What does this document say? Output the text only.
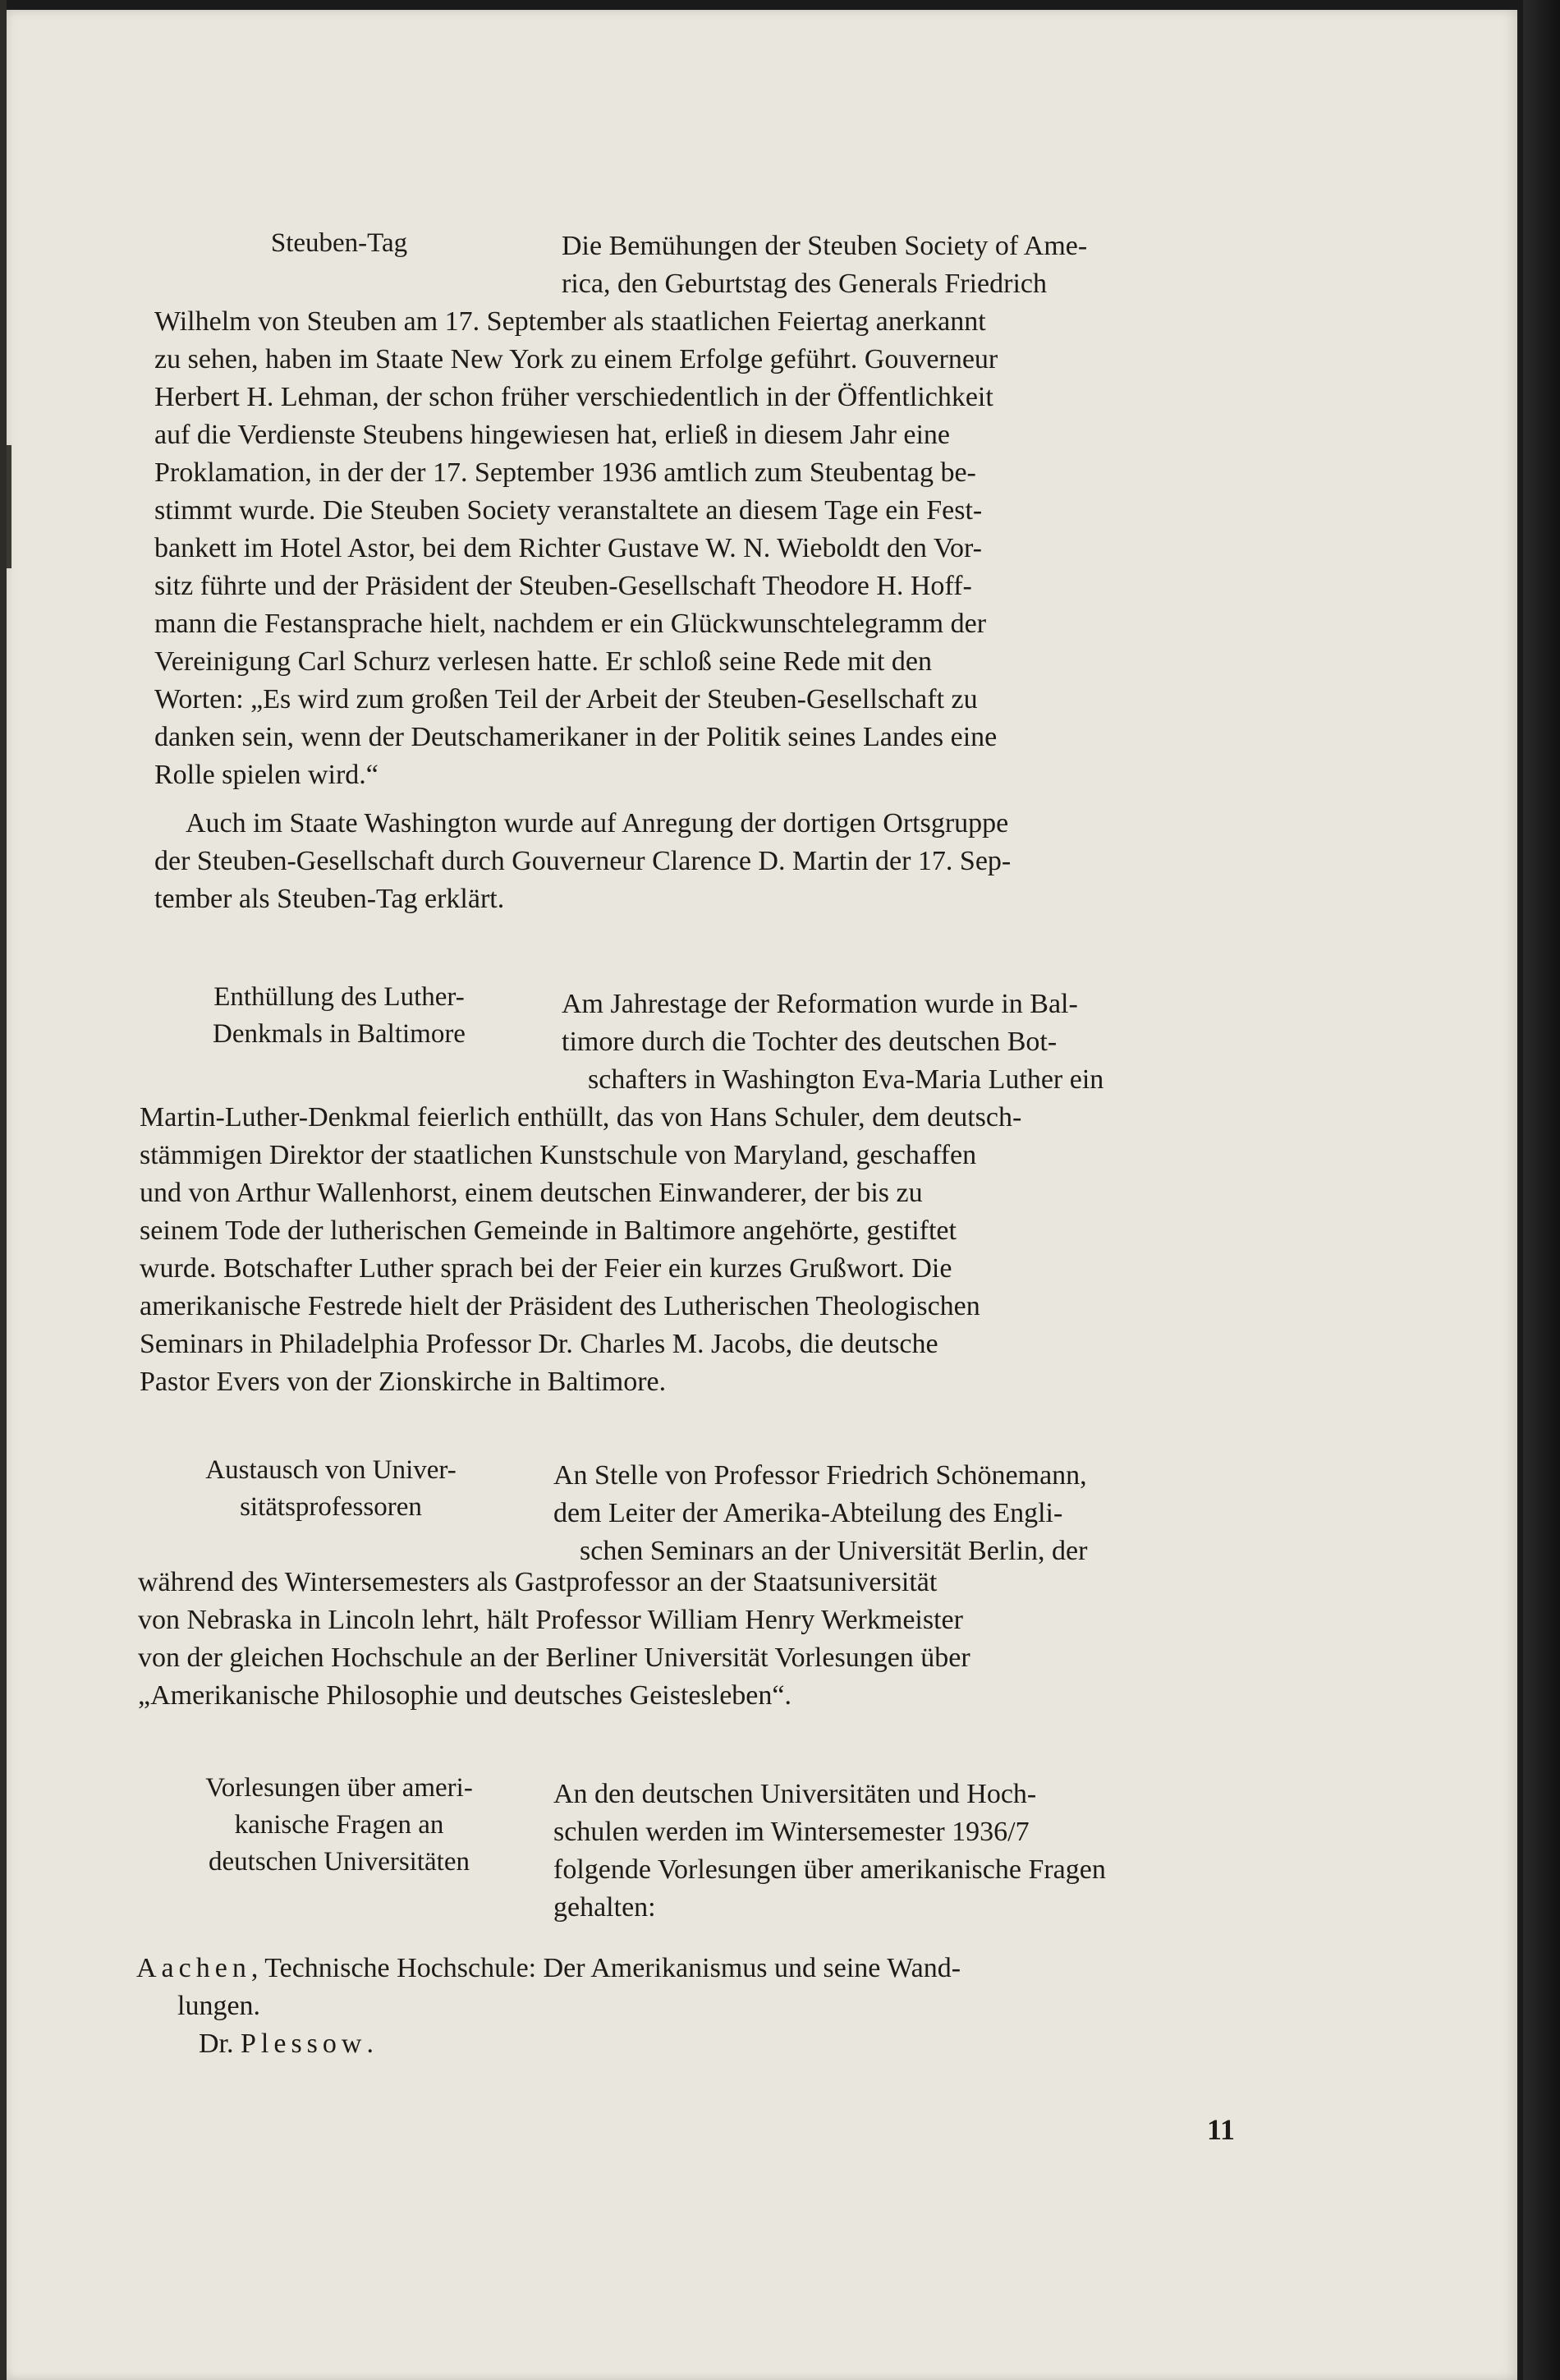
Steuben-Tag	Die Bemühungen der Steuben Society of Ame-
rica, den Geburtstag des Generals Friedrich
Wilhelm von Steuben am 17. September als staatlichen Feiertag anerkannt
zu sehen, haben im Staate New York zu einem Erfolge geführt. Gouverneur
Herbert H. Lehman, der schon früher verschiedentlich in der Öffentlichkeit
auf die Verdienste Steubens hingewiesen hat, erließ in diesem Jahr eine
Proklamation, in der der 17. September 1936 amtlich zum Steubentag be-
stimmt wurde. Die Steuben Society veranstaltete an diesem Tage ein Fest-
bankett im Hotel Astor, bei dem Richter Gustave W. N. Wieboldt den Vor-
sitz führte und der Präsident der Steuben-Gesellschaft Theodore H. Hoff-
mann die Festansprache hielt, nachdem er ein Glückwunschtelegramm der
Vereinigung Carl Schurz verlesen hatte. Er schloß seine Rede mit den
Worten: „Es wird zum großen Teil der Arbeit der Steuben-Gesellschaft zu
danken sein, wenn der Deutschamerikaner in der Politik seines Landes eine
Rolle spielen wird.“
Auch im Staate Washington wurde auf Anregung der dortigen Ortsgruppe
der Steuben-Gesellschaft durch Gouverneur Clarence D. Martin der 17. Sep-
tember als Steuben-Tag erklärt.
Enthüllung des Luther-
Denkmals in Baltimore
Am Jahrestage der Reformation wurde in Bal-
timore durch die Tochter des deutschen Bot-
schafters in Washington Eva-Maria Luther ein
Martin-Luther-Denkmal feierlich enthüllt, das von Hans Schuler, dem deutsch-
stämmigen Direktor der staatlichen Kunstschule von Maryland, geschaffen
und von Arthur Wallenhorst, einem deutschen Einwanderer, der bis zu
seinem Tode der lutherischen Gemeinde in Baltimore angehörte, gestiftet
wurde. Botschafter Luther sprach bei der Feier ein kurzes Grußwort. Die
amerikanische Festrede hielt der Präsident des Lutherischen Theologischen
Seminars in Philadelphia Professor Dr. Charles M. Jacobs, die deutsche
Pastor Evers von der Zionskirche in Baltimore.
Austausch von Univer-
sitätsprofessoren
An Stelle von Professor Friedrich Schönemann,
dem Leiter der Amerika-Abteilung des Engli-
schen Seminars an der Universität Berlin, der
während des Wintersemesters als Gastprofessor an der Staatsuniversität
von Nebraska in Lincoln lehrt, hält Professor William Henry Werkmeister
von der gleichen Hochschule an der Berliner Universität Vorlesungen über
„Amerikanische Philosophie und deutsches Geistesleben“.
Vorlesungen über ameri-
kanische Fragen an
deutschen Universitäten
An den deutschen Universitäten und Hoch-
schulen werden im Wintersemester 1936/7
folgende Vorlesungen über amerikanische Fragen
gehalten:
Aachen, Technische Hochschule: Der Amerikanismus und seine Wand-
lungen.
Dr. Plessow.
11
